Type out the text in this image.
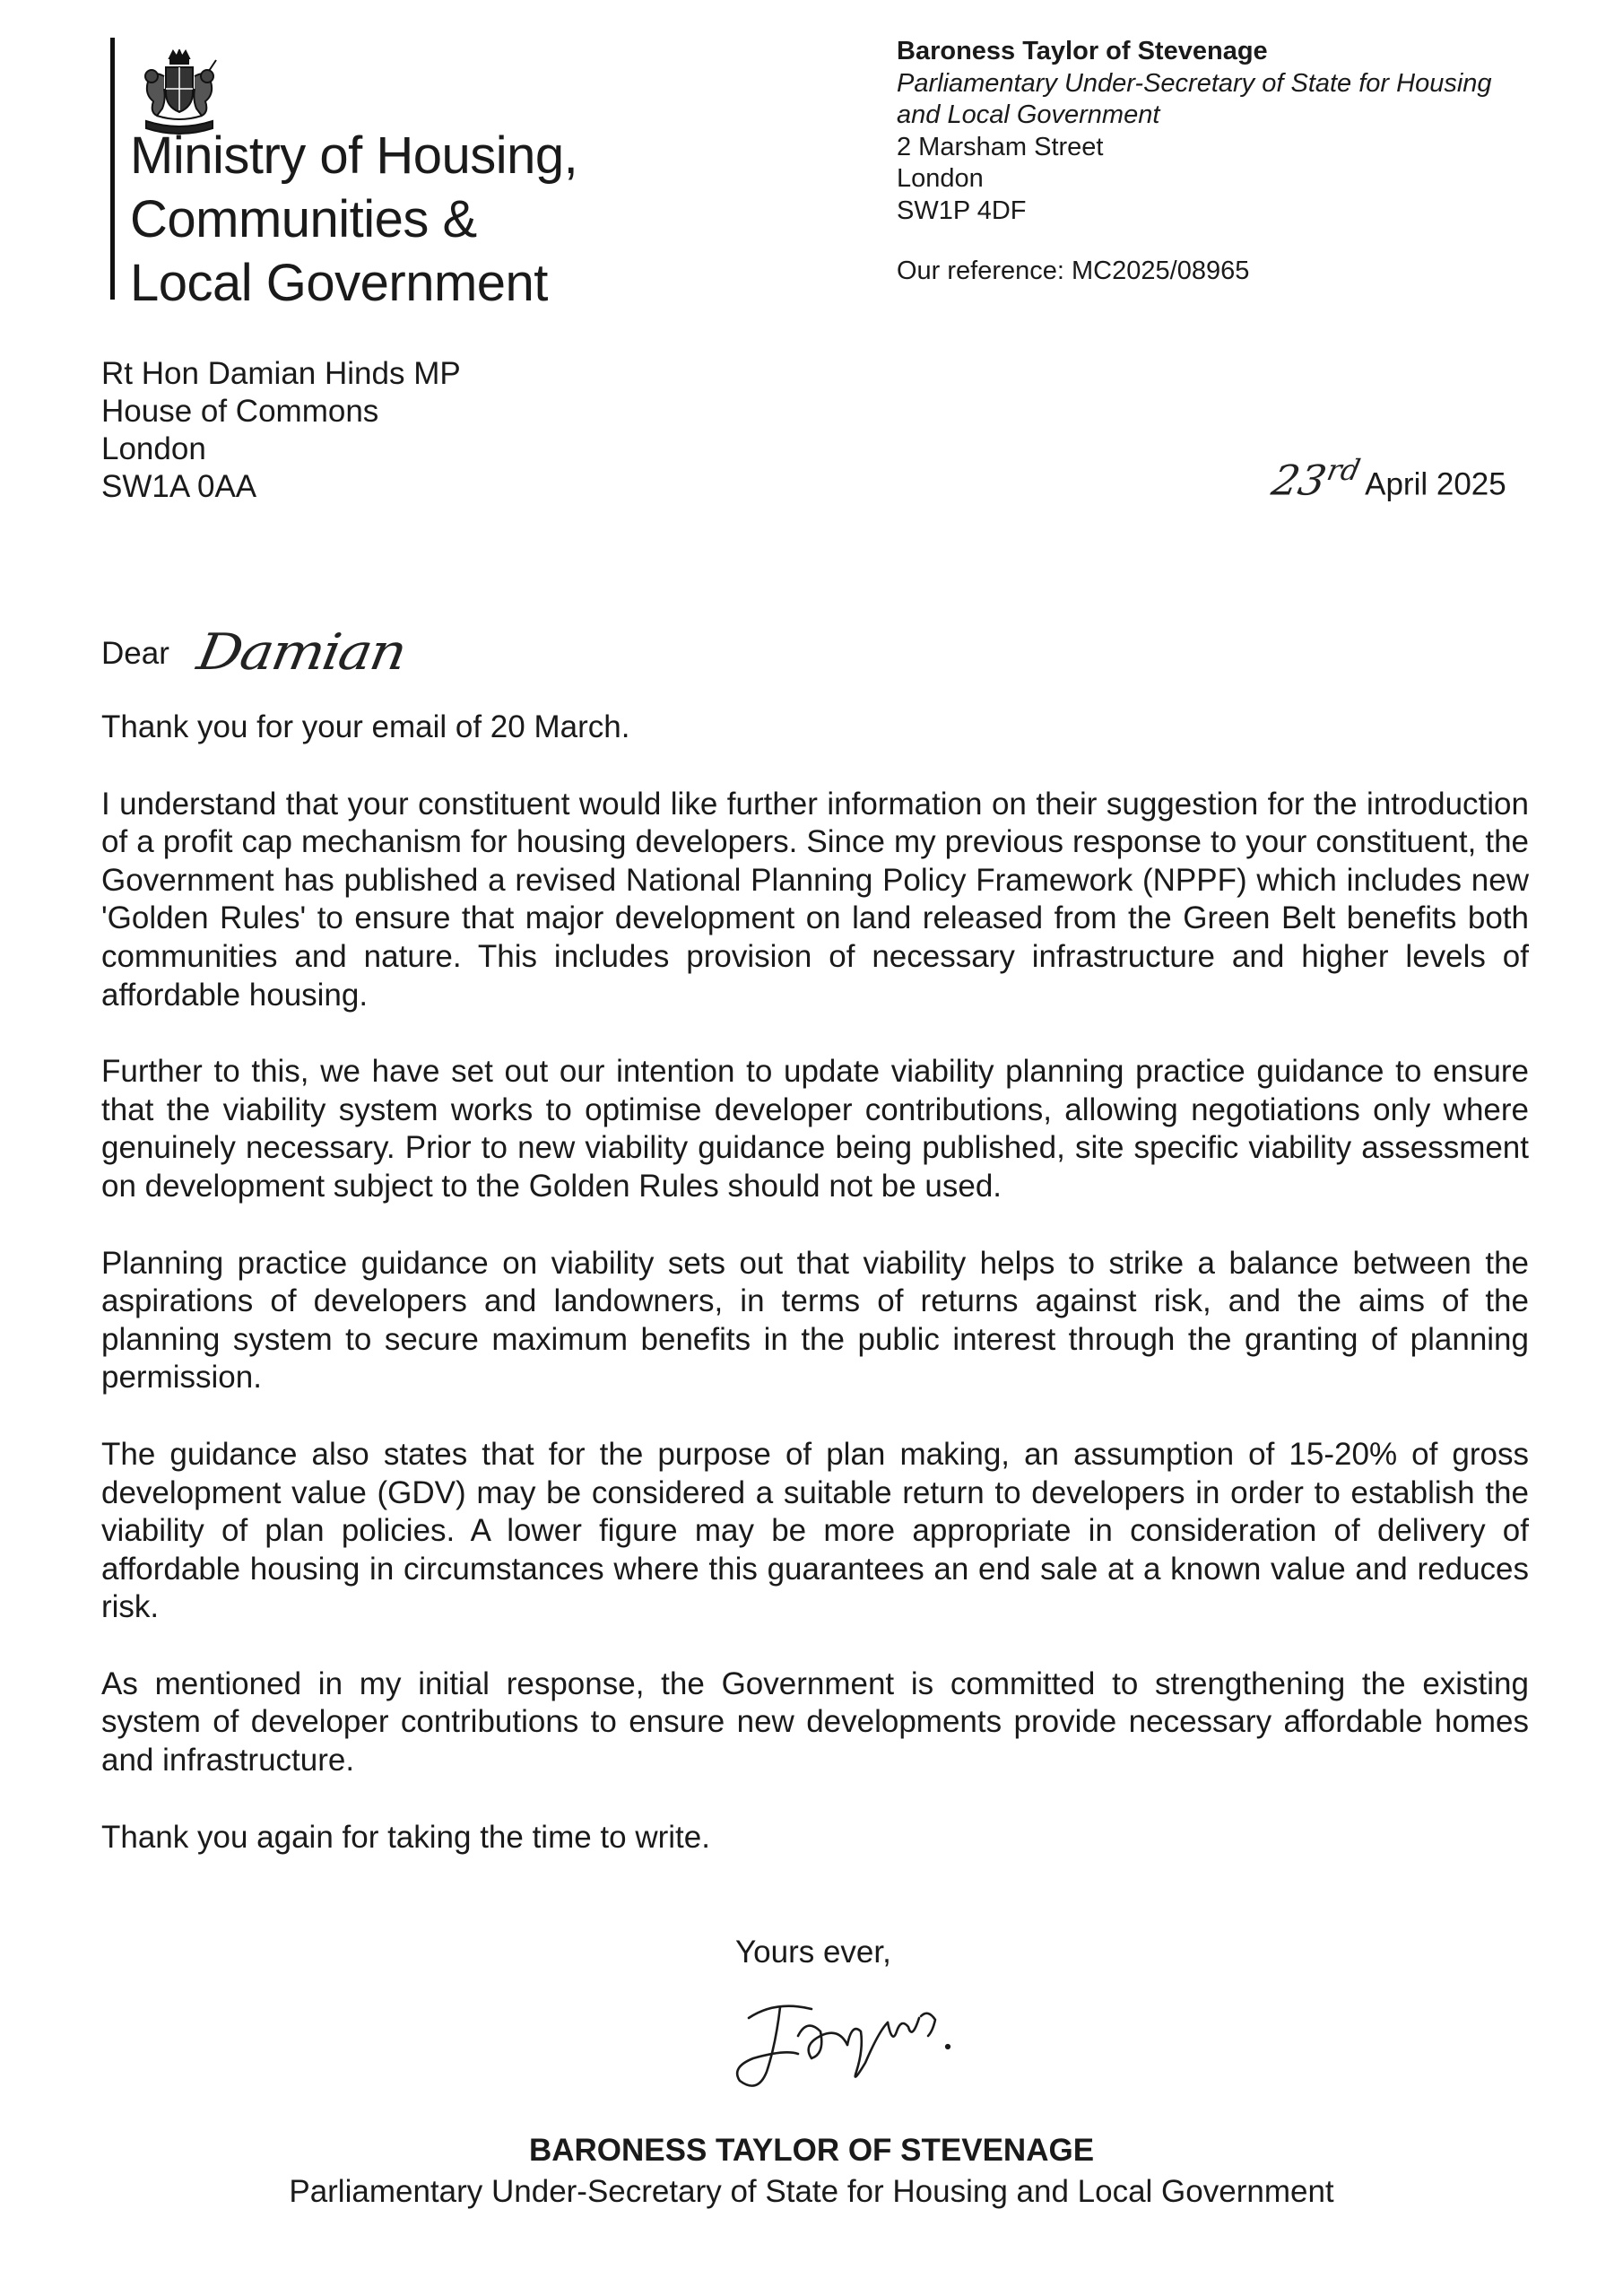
Ministry of Housing,
Communities &
Local Government
Baroness Taylor of Stevenage
Parliamentary Under-Secretary of State for Housing
and Local Government
2 Marsham Street
London
SW1P 4DF
Our reference: MC2025/08965
Rt Hon Damian Hinds MP
House of Commons
London
SW1A 0AA	23rd April 2025
Dear Damian

Thank you for your email of 20 March.

I understand that your constituent would like further information on their suggestion for the introduction of a profit cap mechanism for housing developers. Since my previous response to your constituent, the Government has published a revised National Planning Policy Framework (NPPF) which includes new 'Golden Rules' to ensure that major development on land released from the Green Belt benefits both communities and nature. This includes provision of necessary infrastructure and higher levels of affordable housing.

Further to this, we have set out our intention to update viability planning practice guidance to ensure that the viability system works to optimise developer contributions, allowing negotiations only where genuinely necessary. Prior to new viability guidance being published, site specific viability assessment on development subject to the Golden Rules should not be used.

Planning practice guidance on viability sets out that viability helps to strike a balance between the aspirations of developers and landowners, in terms of returns against risk, and the aims of the planning system to secure maximum benefits in the public interest through the granting of planning permission.

The guidance also states that for the purpose of plan making, an assumption of 15-20% of gross development value (GDV) may be considered a suitable return to developers in order to establish the viability of plan policies. A lower figure may be more appropriate in consideration of delivery of affordable housing in circumstances where this guarantees an end sale at a known value and reduces risk.

As mentioned in my initial response, the Government is committed to strengthening the existing system of developer contributions to ensure new developments provide necessary affordable homes and infrastructure.

Thank you again for taking the time to write.

Yours ever,
BARONESS TAYLOR OF STEVENAGE
Parliamentary Under-Secretary of State for Housing and Local Government
